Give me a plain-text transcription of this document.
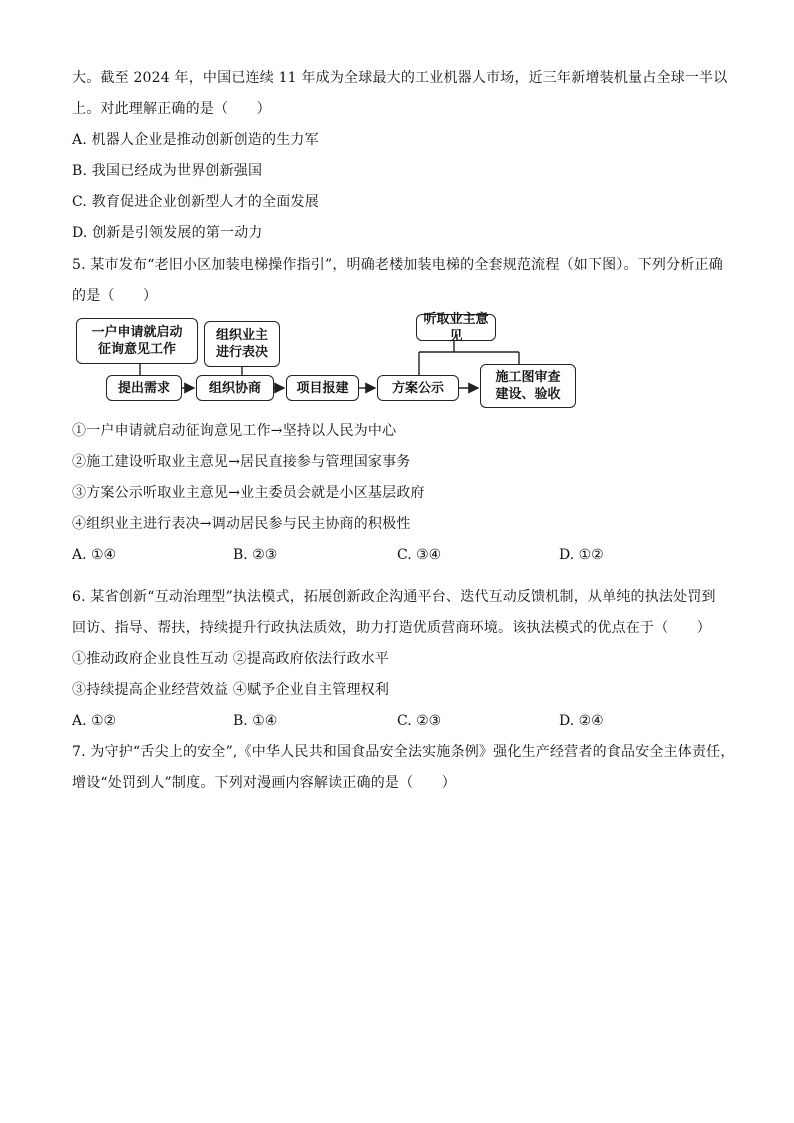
大。截至 2024 年，中国已连续 11 年成为全球最大的工业机器人市场，近三年新增装机量占全球一半以
上。对此理解正确的是（　　）
A. 机器人企业是推动创新创造的生力军
B. 我国已经成为世界创新强国
C. 教育促进企业创新型人才的全面发展
D. 创新是引领发展的第一动力
5. 某市发布“老旧小区加装电梯操作指引”，明确老楼加装电梯的全套规范流程（如下图）。下列分析正确
的是（　　）
一户申请就启动
征询意见工作
组织业主
进行表决
听取业主意见
提出需求	组织协商	项目报建	方案公示
施工图审查
建设、验收
①一户申请就启动征询意见工作→坚持以人民为中心
②施工建设听取业主意见→居民直接参与管理国家事务
③方案公示听取业主意见→业主委员会就是小区基层政府
④组织业主进行表决→调动居民参与民主协商的积极性
A. ①④	B. ②③	C. ③④	D. ①②
6. 某省创新“互动治理型”执法模式，拓展创新政企沟通平台、迭代互动反馈机制，从单纯的执法处罚到
回访、指导、帮扶，持续提升行政执法质效，助力打造优质营商环境。该执法模式的优点在于（　　）
①推动政府企业良性互动 ②提高政府依法行政水平
③持续提高企业经营效益 ④赋予企业自主管理权利
A. ①②	B. ①④	C. ②③	D. ②④
7. 为守护“舌尖上的安全”,《中华人民共和国食品安全法实施条例》强化生产经营者的食品安全主体责任，
增设“处罚到人”制度。下列对漫画内容解读正确的是（　　）
